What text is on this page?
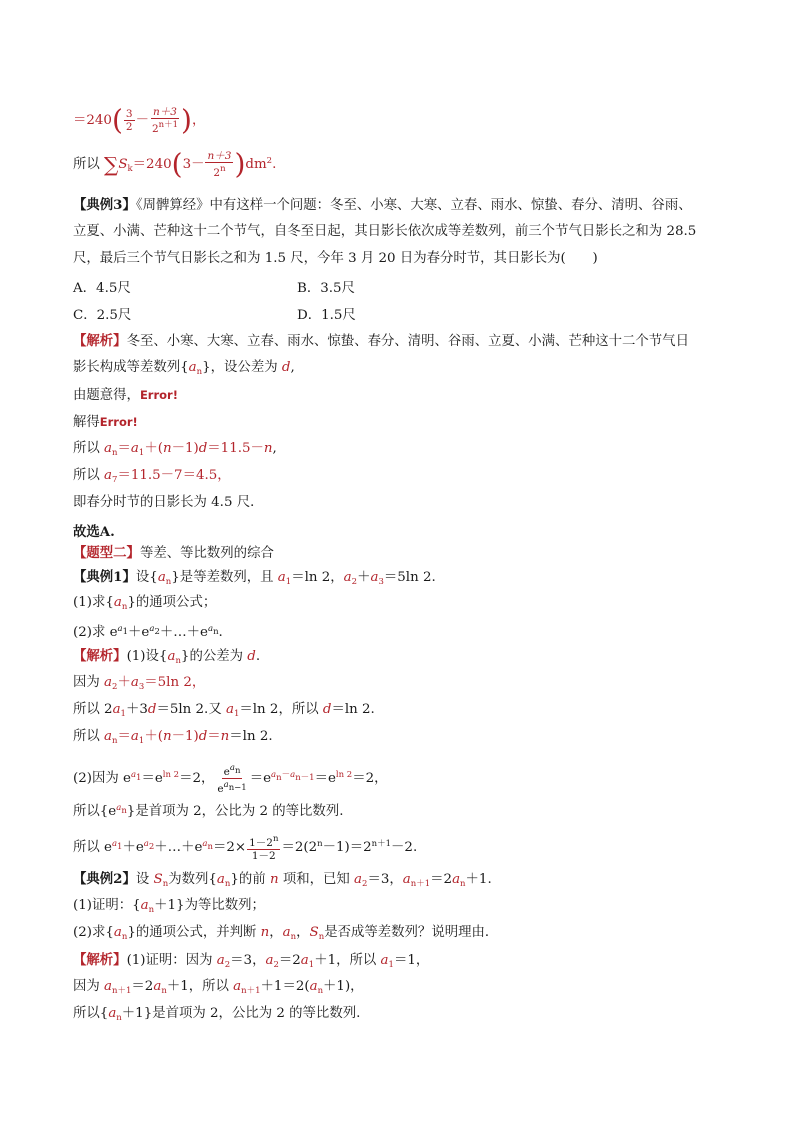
$=240( \frac{3}{2} - \frac{n+3}{2^{n+1}}$ )，
所以 $\sum S_k=240(3- \frac{n+3}{2^n} )dm^2$.
【典例3】《周髀算经》中有这样一个问题：冬至、小寒、大寒、立春、雨水、惊蛰、春分、清明、谷雨、
立夏、小满、芒种这十二个节气，自冬至日起，其日影长依次成等差数列，前三个节气日影长之和为 28.5
尺，最后三个节气日影长之和为 1.5 尺，今年 3 月 20 日为春分时节，其日影长为(　　)
A．4.5尺	B．3.5尺
C．2.5尺	D．1.5尺
【解析】冬至、小寒、大寒、立春、雨水、惊蛰、春分、清明、谷雨、立夏、小满、芒种这十二个节气日
影长构成等差数列$\{a_n\}$，设公差为 d,
由题意得，Error!
解得Error!
所以 $a_n=a_1+(n-1)d=11.5-n$,
所以 $a_7=11.5-7=4.5$，
即春分时节的日影长为 4.5 尺．
故选A.
【题型二】等差、等比数列的综合
【典例1】设$\{a_n\}$是等差数列，且 $a_1=\ln$ 2，$a_2+a_3=5\ln$ 2.
(1)求$\{a_n\}$的通项公式；
(2)求 $e^{a_1}+e^{a_2}+\dots+e^{a_n}$.
【解析】(1)设$\{a_n\}$的公差为 d.
因为 $a_2+a_3=5\ln$ 2，
所以 $2a_1+3d=5\ln$ 2.又 $a_1=\ln$ 2，所以 d＝ln 2.
所以 $a_n=a_1+(n-1)d=n=\ln$ 2.
(2)因为 $e^{a_1}=e^{ln 2}=2$， $\frac{e^{a_n}}{e^{a_{n-1}}} =e^{a_n-a_{n-1}}=e^{ln 2}=2$，
所以$\{e^{a_n}\}$是首项为 2，公比为 2 的等比数列.
所以 $e^{a_1}+e^{a_2}+\dots+e^{a_n}=2\times \frac{1-2^n}{1-2} =2(2^n-1)=2^{n+1}-2$.
【典例2】设 $S_n$为数列$\{a_n\}$的前 n 项和，已知 $a_2=3$，$a_{n+1}=2a_n+1$.
(1)证明：$\{a_n+1\}$为等比数列；
(2)求$\{a_n\}$的通项公式，并判断 n，$a_n$，$S_n$是否成等差数列？说明理由．
【解析】(1)证明：因为 $a_2=3$，$a_2=2a_1+1$，所以 $a_1=1$，
因为 $a_{n+1}=2a_n+1$，所以 $a_{n+1}+1=2(a_n+1)$，
所以$\{a_n+1\}$是首项为 2，公比为 2 的等比数列.
